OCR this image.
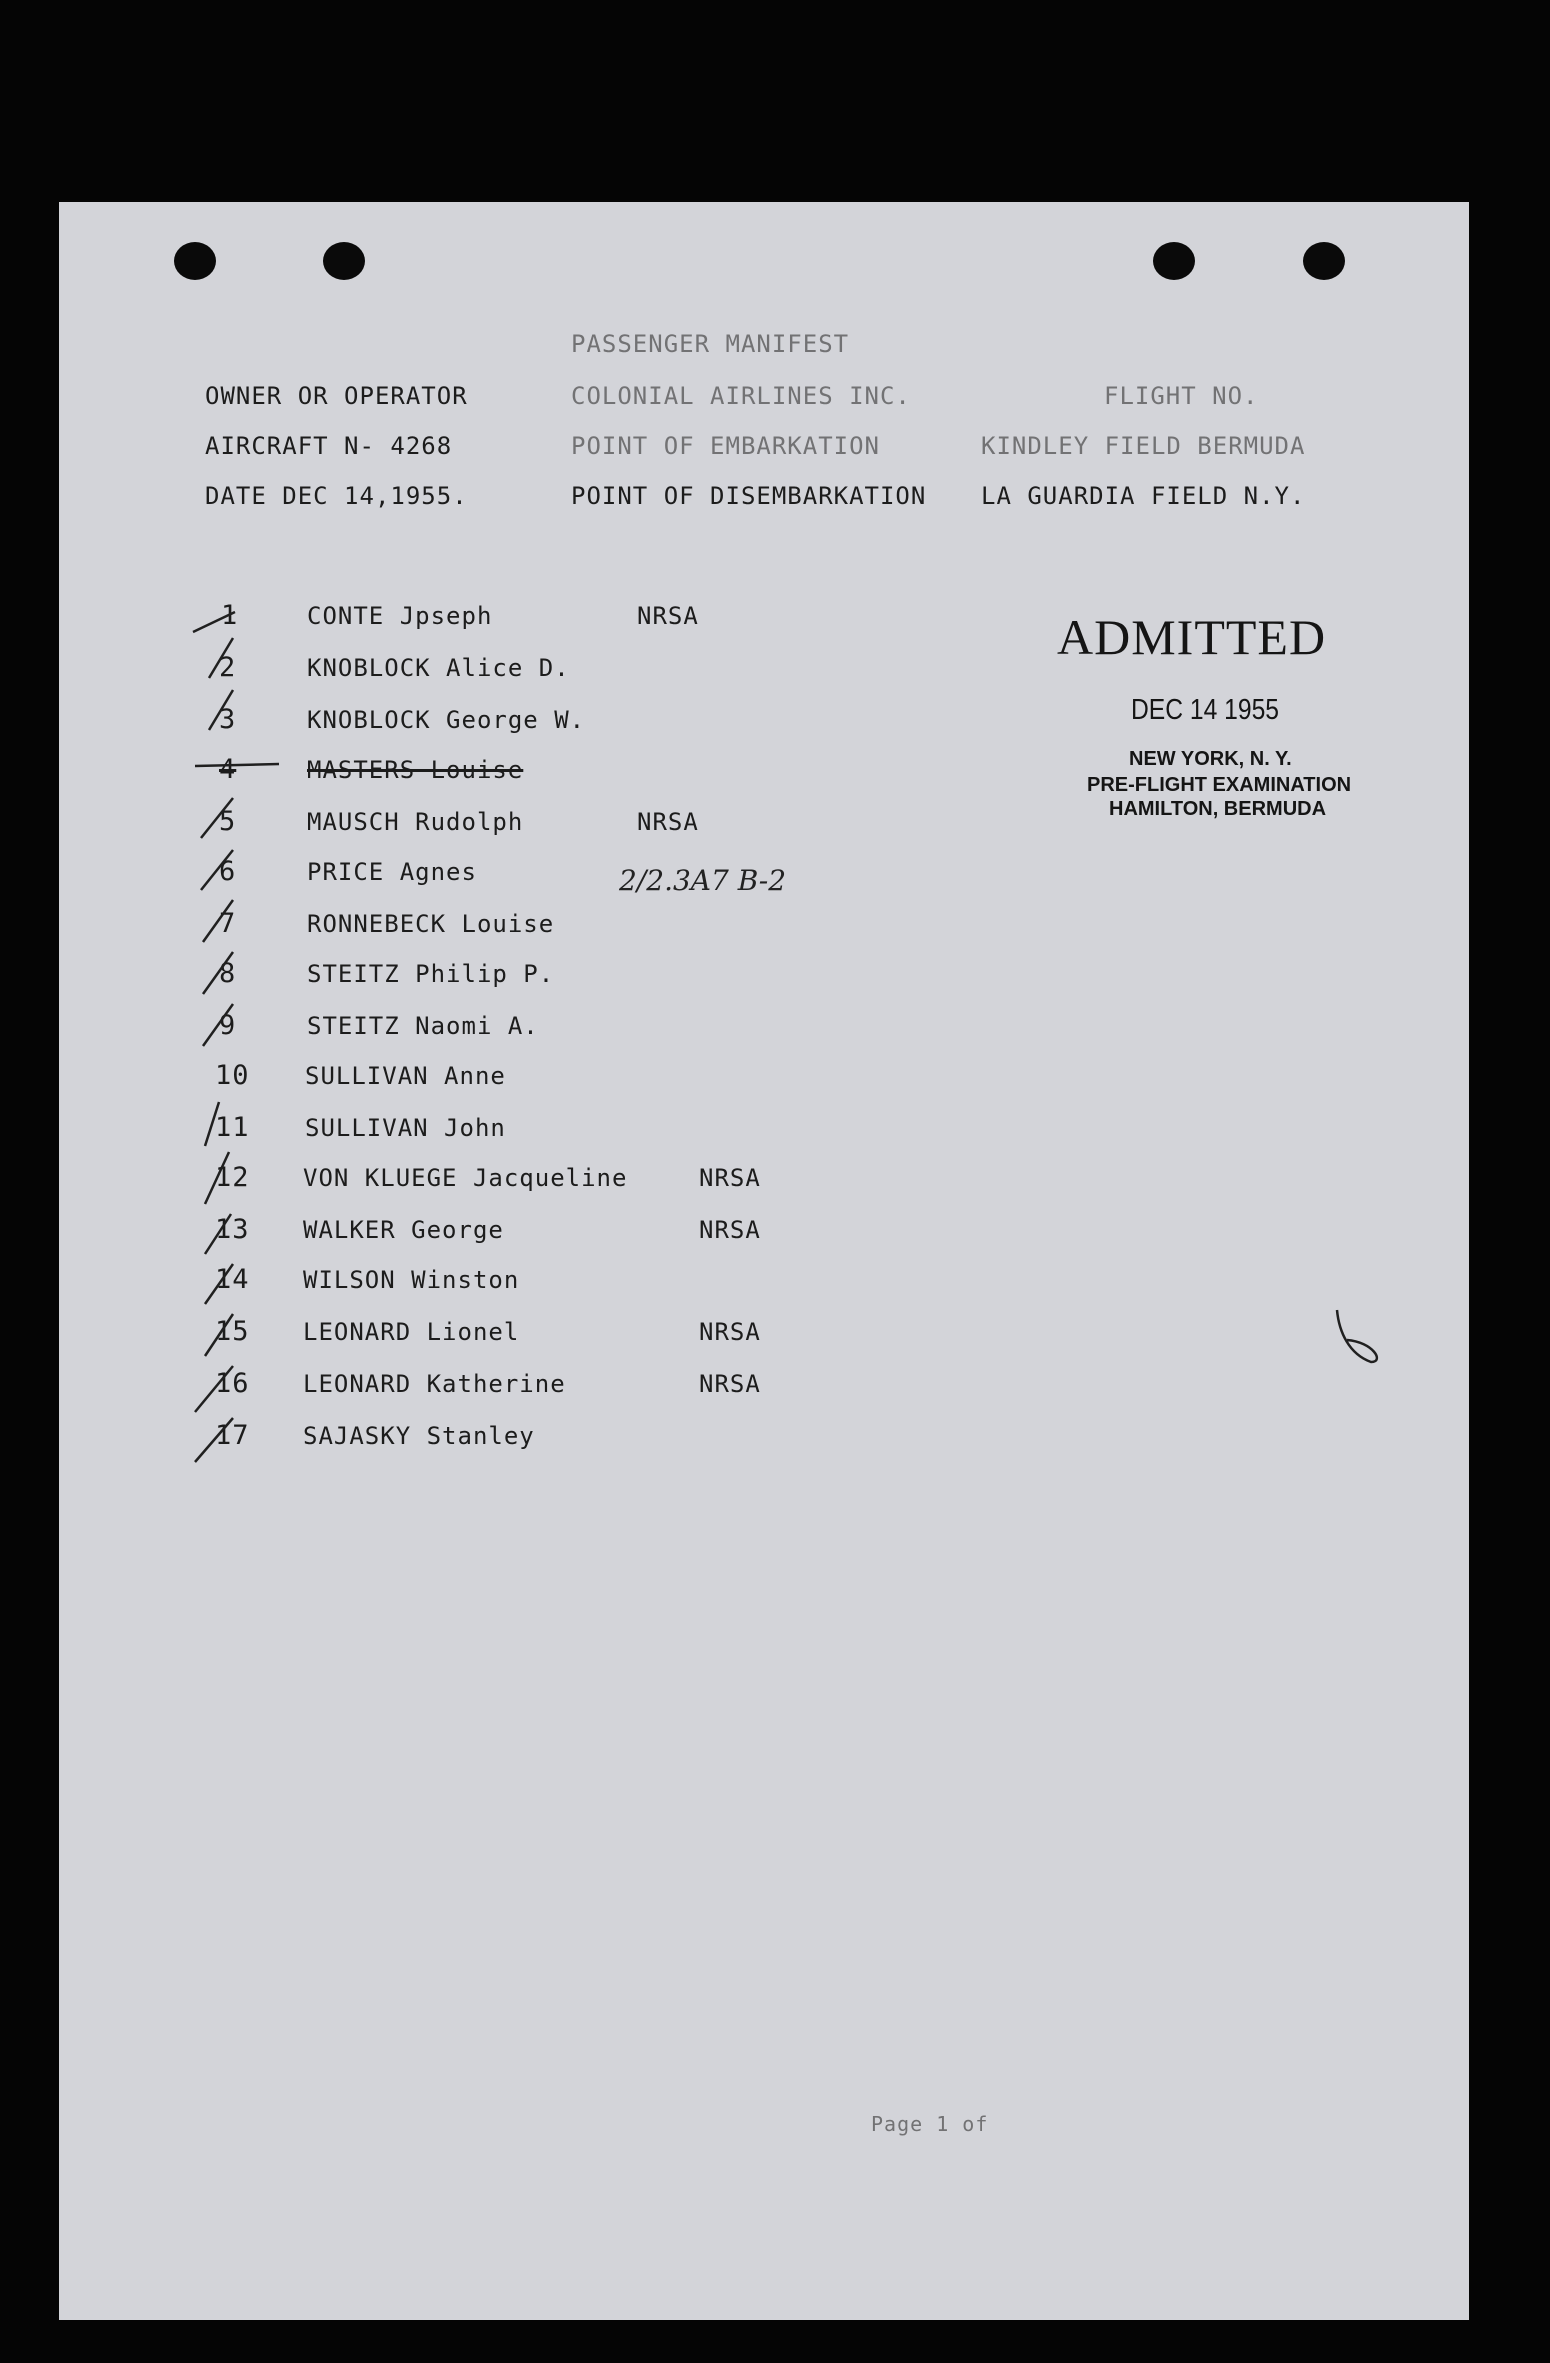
PASSENGER MANIFEST
OWNER OR OPERATOR	COLONIAL AIRLINES INC.	FLIGHT NO.
AIRCRAFT N- 4268	POINT OF EMBARKATION	KINDLEY FIELD BERMUDA
DATE DEC 14,1955.	POINT OF DISEMBARKATION LA GUARDIA FIELD N.Y.
1	CONTE Jpseph	NRSA
2	KNOBLOCK Alice D.
3	KNOBLOCK George W.
4	MASTERS Louise
5	MAUSCH Rudolph	NRSA
6	PRICE Agnes	2/2.3A7 B-2
7	RONNEBECK Louise
8	STEITZ Philip P.
9	STEITZ Naomi A.
10 SULLIVAN Anne
11 SULLIVAN John
12 VON KLUEGE Jacqueline	NRSA
13 WALKER George	NRSA
14 WILSON Winston
15 LEONARD Lionel	NRSA
16 LEONARD Katherine	NRSA
17 SAJASKY Stanley
ADMITTED
DEC 14 1955
NEW YORK, N. Y.
PRE-FLIGHT EXAMINATION
HAMILTON, BERMUDA
Page 1 of
